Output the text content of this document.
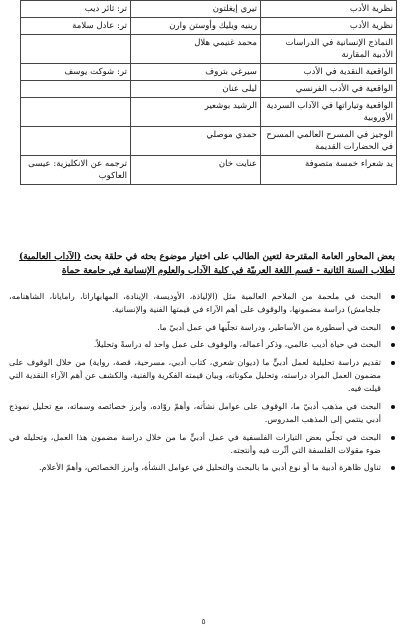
نظرية الأدب	تيري إيغلتون	تر: ثائر ديب
نظرية الأدب	رينيه ويليك وأوستن وارن	تر: عادل سلامة
النماذج الإنسانية في الدراسات الأدبية المقارنة	محمد غنيمي هلال	
الواقعية النقدية في الأدب	سيرغي بتروف	تر: شوكت يوسف
الواقعية في الأدب الفرنسي	ليلى عنان	
الواقعية وتياراتها في الآداب السردية الأوروبية	الرشيد بوشعير	
الوجيز في المسرح العالمي المسرح في الحضارات القديمة	حمدي موصلي	
يد شعراء خمسة متصوفة	عنايت خان	ترجمه عن الانكليزية: عيسى العاكوب
بعض المحاور العامة المقترحة لتعين الطالب على اختيار موضوع بحثه في حلقة بحث (الآداب العالمية) لطلاب السنة الثانية - قسم اللغة العربيّة في كلية الآداب والعلوم الإنسانية في جامعة حماة
البحث في ملحمة من الملاحم العالمية مثل (الإلياذة، الأوديسة، الإينادة، المهابهاراتا، رامايانا، الشاهنامه، جلجامش) دراسة مضمونها، والوقوف على أهم الآراء في قيمتها الفنية والإنسانية.
البحث في أسطورة من الأساطير، ودراسة تجلّيها في عمل أدبيّ ما.
البحث في حياة أديب عالمي، وذكر أعماله، والوقوف على عمل واحد له دراسةً وتحليلاً.
تقديم دراسة تحليلية لعمل أدبيٍّ ما (ديوان شعري، كتاب أدبي، مسرحية، قصة، رواية) من خلال الوقوف على مضمون العمل المراد دراسته، وتحليل مكوناته، وبيان قيمته الفكرية والفنية، والكشف عن أهم الآراء النقدية التي قيلت فيه.
البحث في مذهب أدبيّ ما، الوقوف على عوامل نشأته، وأهمّ روّاده، وأبرز خصائصه وسماته، مع تحليل نموذج أدبي ينتمي إلى المذهب المدروس.
البحث في تجلّي بعض التيارات الفلسفية في عمل أدبيٍّ ما من خلال دراسة مضمون هذا العمل، وتحليله في ضوء مقولات الفلسفة التي أثّرت فيه وأنتجته.
تناول ظاهرة أدبية ما أو نوع أدبي ما بالبحث والتحليل في عوامل النشأة، وأبرز الخصائص، وأهمّ الأعلام.
٥
